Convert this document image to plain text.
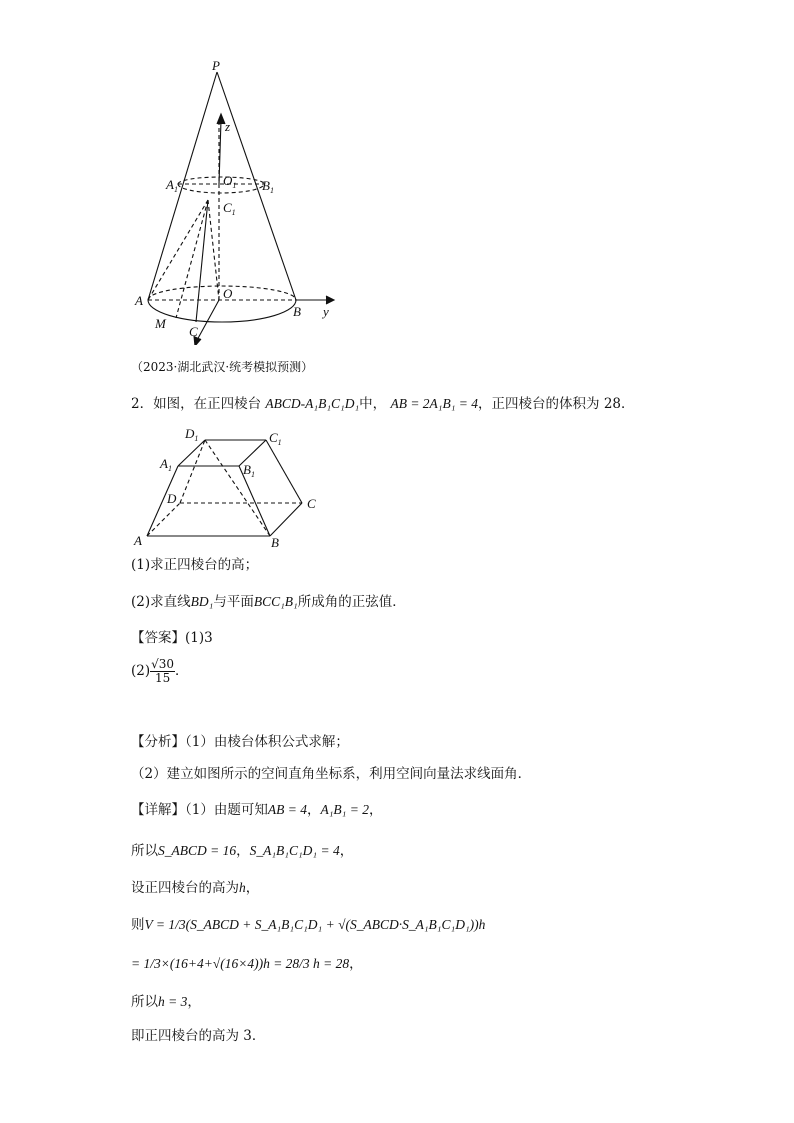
P
z
$A_1$
$O_1$ $B_1$
$C_1$
A	O
B y
M
C
（2023·湖北武汉·统考模拟预测）
2．如图，在正四棱台 ABCD-A₁B₁C₁D₁中， AB = 2A₁B₁ = 4，正四棱台的体积为 28．
$D_1$	$C_1$
$A_1$	$B_1$
D	C
A	B
(1)求正四棱台的高；
(2)求直线BD₁与平面BCC₁B₁所成角的正弦值．
【答案】(1)3
$(2) \frac{√30}{15}$ ．
【分析】（1）由棱台体积公式求解；
（2）建立如图所示的空间直角坐标系，利用空间向量法求线面角．
【详解】（1）由题可知AB = 4，A₁B₁ = 2，
所以S_ABCD = 16，S_A₁B₁C₁D₁ = 4，
设正四棱台的高为h，
则V = 1/3(S_ABCD + S_A₁B₁C₁D₁ + √(S_ABCD·S_A₁B₁C₁D₁))h
= 1/3×(16+4+√(16×4))h = 28/3 h = 28，
所以h = 3，
即正四棱台的高为 3．
